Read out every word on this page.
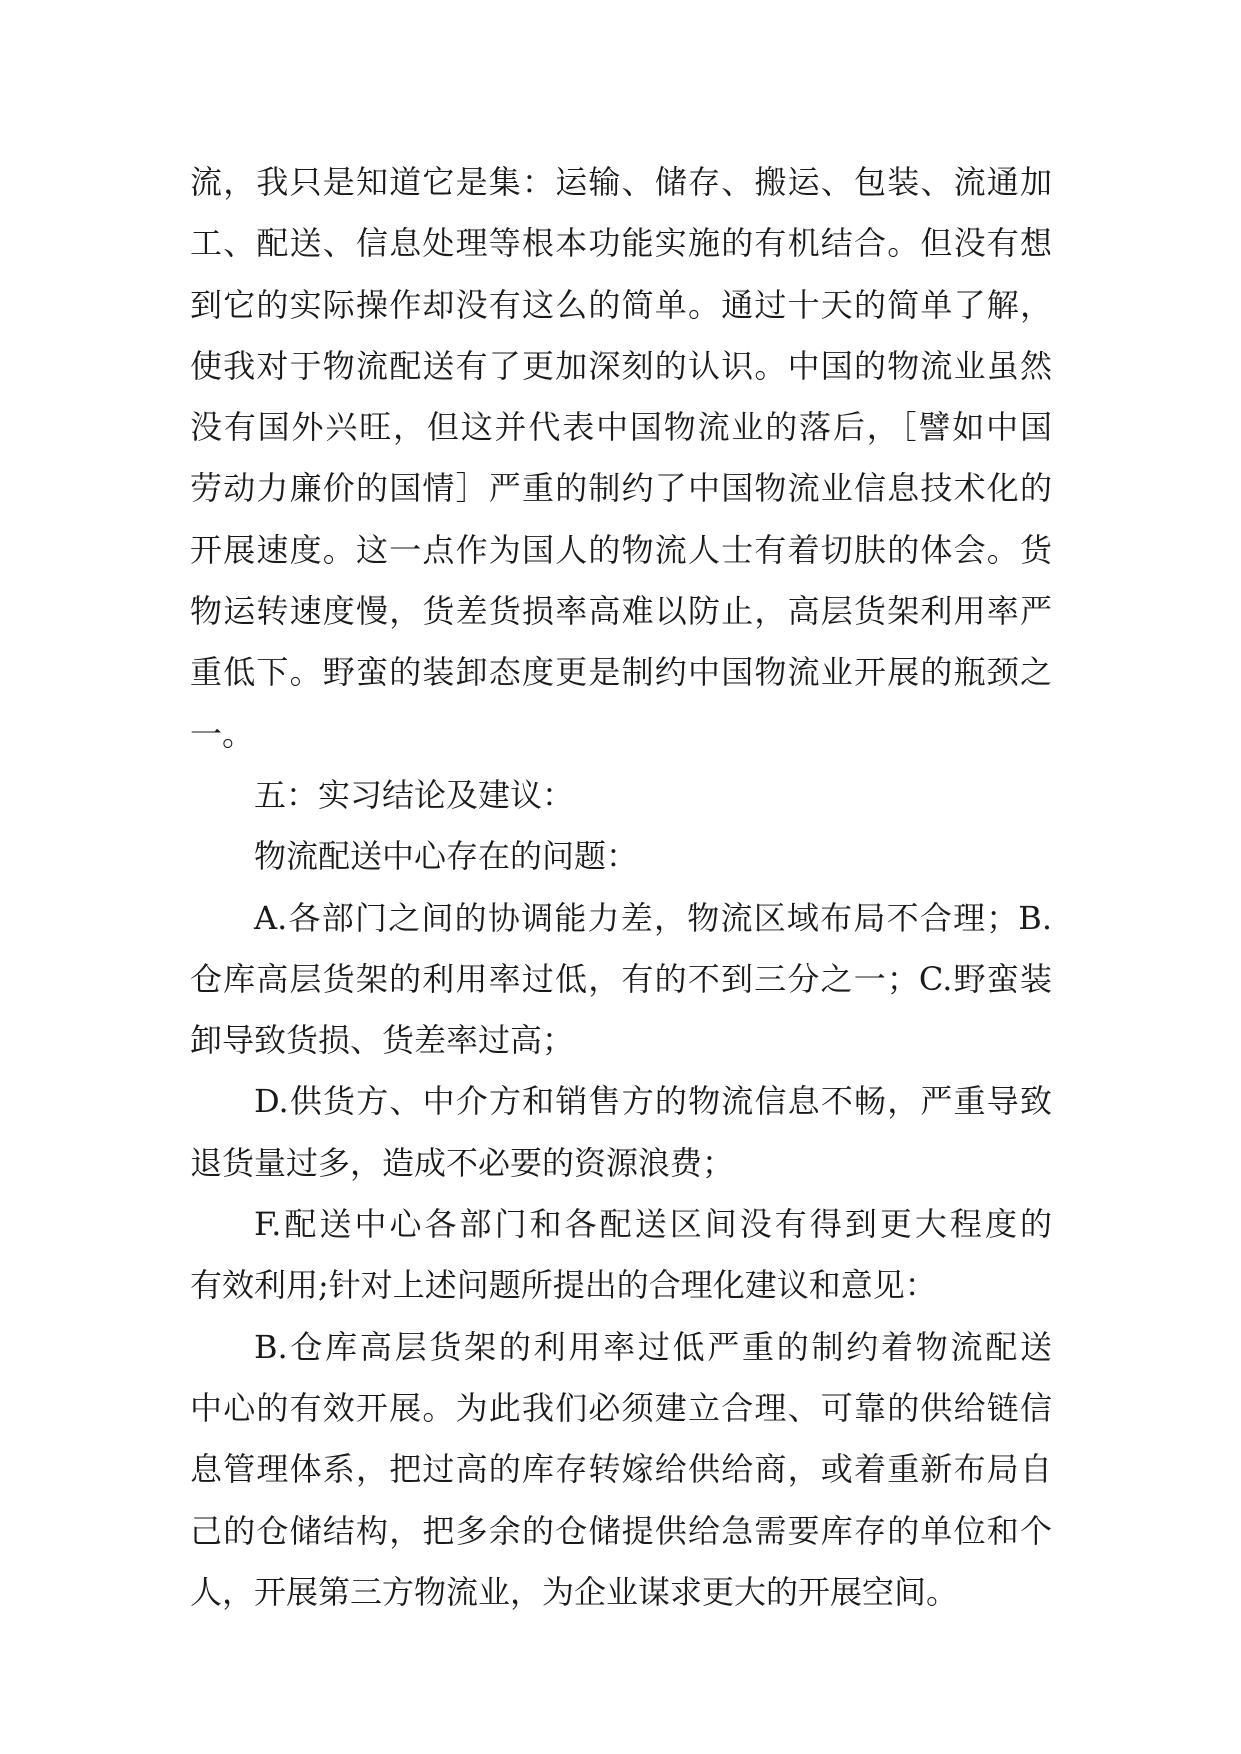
流，我只是知道它是集：运输、储存、搬运、包装、流通加
工、配送、信息处理等根本功能实施的有机结合。但没有想
到它的实际操作却没有这么的简单。通过十天的简单了解，
使我对于物流配送有了更加深刻的认识。中国的物流业虽然
没有国外兴旺，但这并代表中国物流业的落后，［譬如中国
劳动力廉价的国情］严重的制约了中国物流业信息技术化的
开展速度。这一点作为国人的物流人士有着切肤的体会。货
物运转速度慢，货差货损率高难以防止，高层货架利用率严
重低下。野蛮的装卸态度更是制约中国物流业开展的瓶颈之
一。
五：实习结论及建议：
物流配送中心存在的问题：
A.各部门之间的协调能力差，物流区域布局不合理；B.
仓库高层货架的利用率过低，有的不到三分之一；C.野蛮装
卸导致货损、货差率过高；
D.供货方、中介方和销售方的物流信息不畅，严重导致
退货量过多，造成不必要的资源浪费；
F.配送中心各部门和各配送区间没有得到更大程度的
有效利用;针对上述问题所提出的合理化建议和意见：
B.仓库高层货架的利用率过低严重的制约着物流配送
中心的有效开展。为此我们必须建立合理、可靠的供给链信
息管理体系，把过高的库存转嫁给供给商，或着重新布局自
己的仓储结构，把多余的仓储提供给急需要库存的单位和个
人，开展第三方物流业，为企业谋求更大的开展空间。
